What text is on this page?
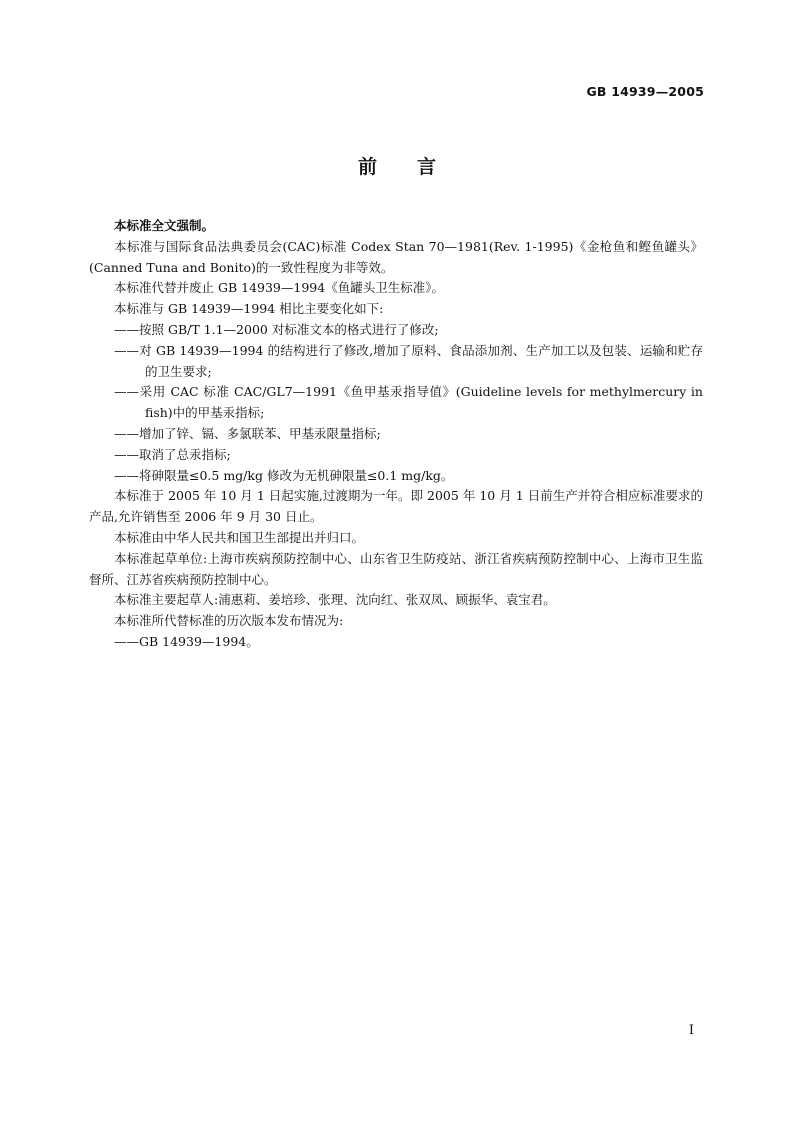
GB 14939—2005
前言

本标准全文强制。

本标准与国际食品法典委员会(CAC)标准 Codex Stan 70—1981(Rev. 1-1995)《金枪鱼和鲣鱼罐头》(Canned Tuna and Bonito)的一致性程度为非等效。

本标准代替并废止 GB 14939—1994《鱼罐头卫生标准》。

本标准与 GB 14939—1994 相比主要变化如下:

——按照 GB/T 1.1—2000 对标准文本的格式进行了修改;

——对 GB 14939—1994 的结构进行了修改,增加了原料、食品添加剂、生产加工以及包装、运输和贮存的卫生要求;

——采用 CAC 标准 CAC/GL7—1991《鱼甲基汞指导值》(Guideline levels for methylmercury in fish)中的甲基汞指标;

——增加了锌、镉、多氯联苯、甲基汞限量指标;

——取消了总汞指标;

——将砷限量≤0.5 mg/kg 修改为无机砷限量≤0.1 mg/kg。

本标准于 2005 年 10 月 1 日起实施,过渡期为一年。即 2005 年 10 月 1 日前生产并符合相应标准要求的产品,允许销售至 2006 年 9 月 30 日止。

本标准由中华人民共和国卫生部提出并归口。

本标准起草单位:上海市疾病预防控制中心、山东省卫生防疫站、浙江省疾病预防控制中心、上海市卫生监督所、江苏省疾病预防控制中心。

本标准主要起草人:浦惠莉、姜培珍、张理、沈向红、张双凤、顾振华、袁宝君。

本标准所代替标准的历次版本发布情况为:

——GB 14939—1994。

I
